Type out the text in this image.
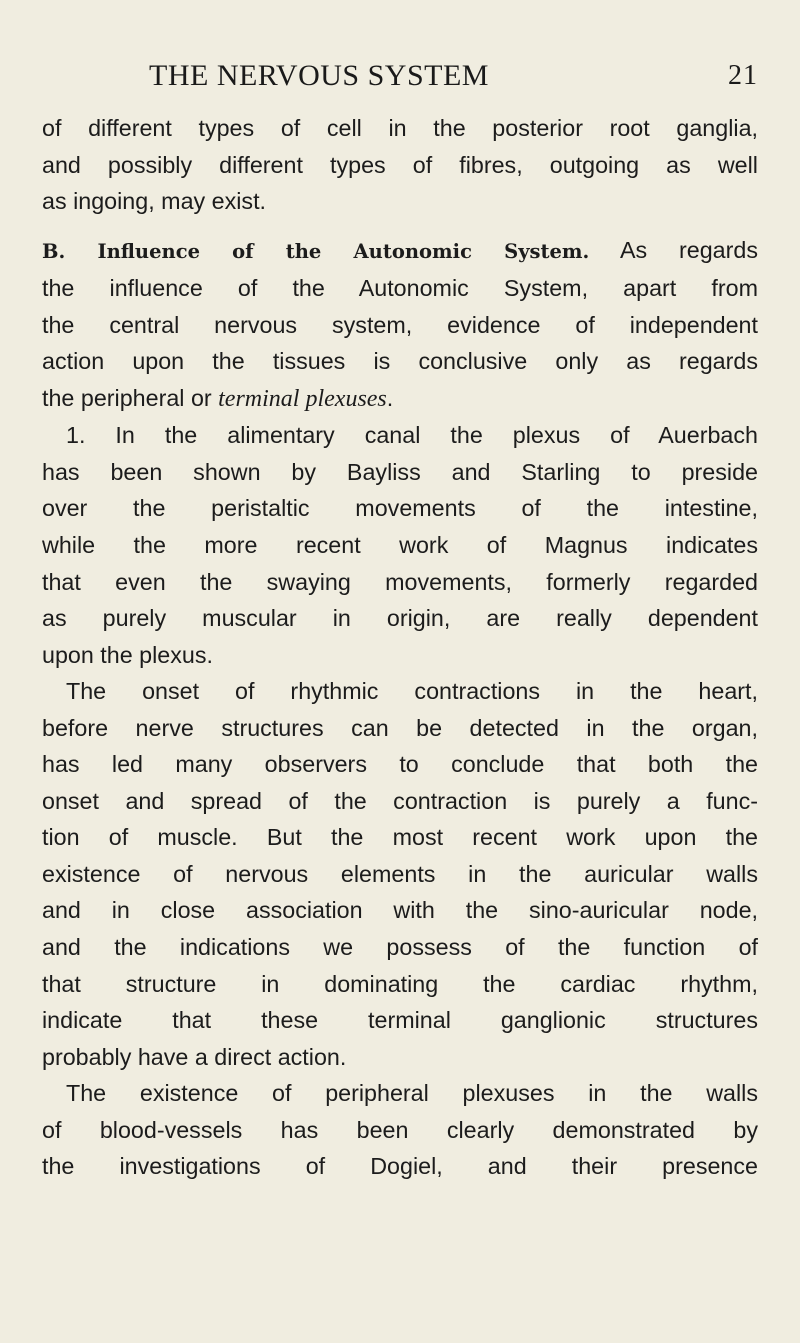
THE NERVOUS SYSTEM	21
of different types of cell in the posterior root ganglia,
and possibly different types of fibres, outgoing as well
as ingoing, may exist.
B. Influence of the Autonomic System. As regards
the influence of the Autonomic System, apart from
the central nervous system, evidence of independent
action upon the tissues is conclusive only as regards
the peripheral or terminal plexuses.
1. In the alimentary canal the plexus of Auerbach
has been shown by Bayliss and Starling to preside
over the peristaltic movements of the intestine,
while the more recent work of Magnus indicates
that even the swaying movements, formerly regarded
as purely muscular in origin, are really dependent
upon the plexus.
The onset of rhythmic contractions in the heart,
before nerve structures can be detected in the organ,
has led many observers to conclude that both the
onset and spread of the contraction is purely a func-
tion of muscle. But the most recent work upon the
existence of nervous elements in the auricular walls
and in close association with the sino-auricular node,
and the indications we possess of the function of
that structure in dominating the cardiac rhythm,
indicate that these terminal ganglionic structures
probably have a direct action.
The existence of peripheral plexuses in the walls
of blood-vessels has been clearly demonstrated by
the investigations of Dogiel, and their presence
